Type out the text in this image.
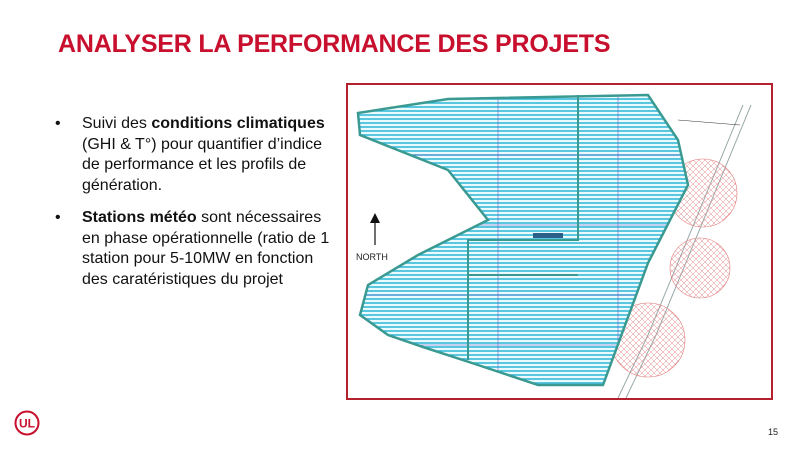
ANALYSER LA PERFORMANCE DES PROJETS
• Suivi des conditions climatiques (GHI & T°) pour quantifier d’indice de performance et les profils de génération.
• Stations météo sont nécessaires en phase opérationnelle (ratio de 1 station pour 5-10MW en fonction des caratéristiques du projet
NORTH
UL
15
